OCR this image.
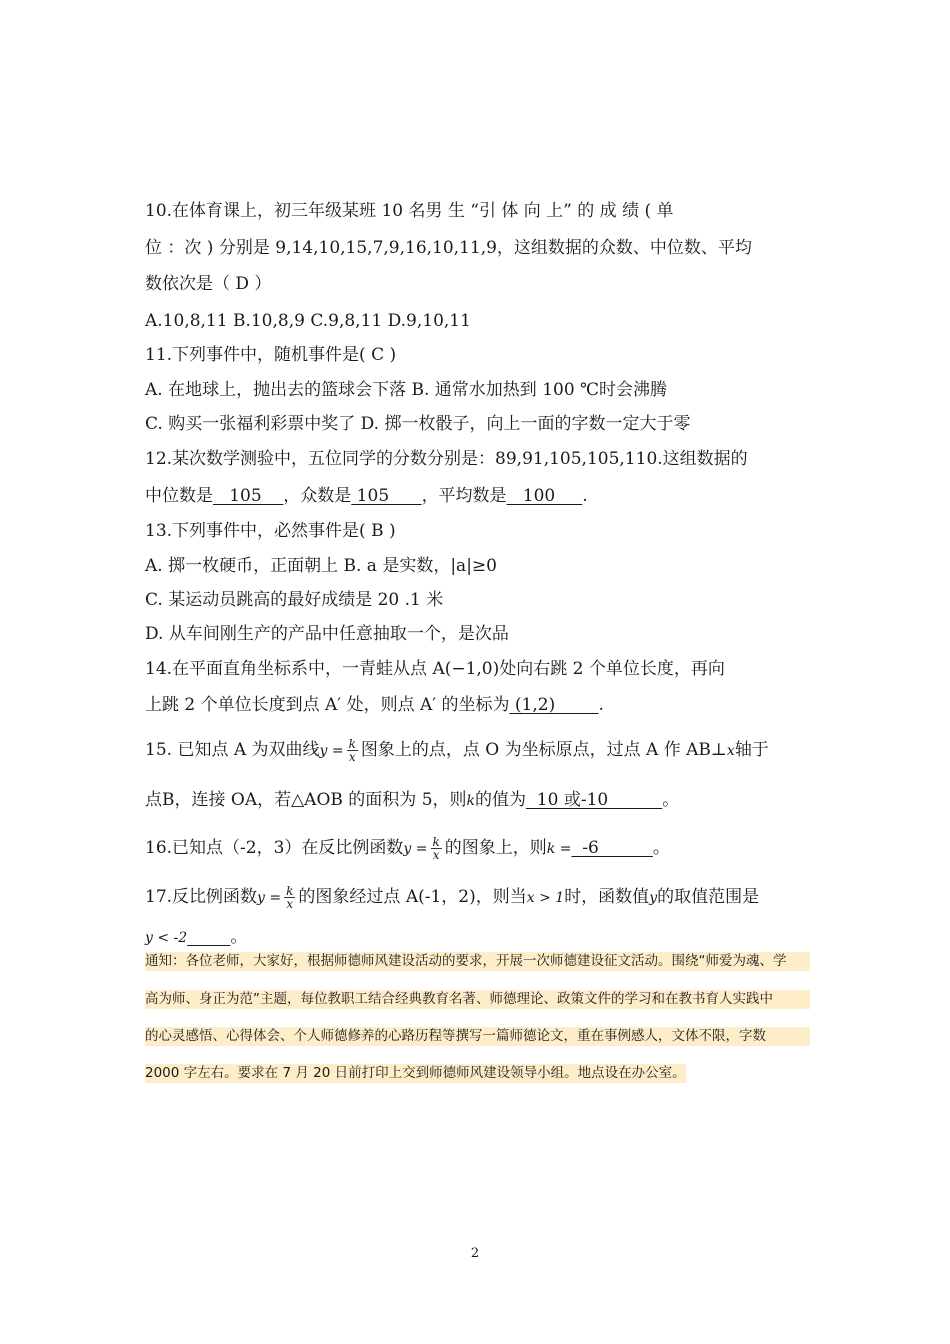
10.在体育课上，初三年级某班 10 名男 生 “引 体 向 上” 的 成 绩 ( 单
位 ：次 ) 分别是 9,14,10,15,7,9,16,10,11,9，这组数据的众数、中位数、平均
数依次是（ D ）
A.10,8,11 B.10,8,9 C.9,8,11 D.9,10,11
11.下列事件中，随机事件是( C )
A. 在地球上，抛出去的篮球会下落 B. 通常水加热到 100 ℃时会沸腾
C. 购买一张福利彩票中奖了 D. 掷一枚骰子，向上一面的字数一定大于零
12.某次数学测验中，五位同学的分数分别是：89,91,105,105,110.这组数据的
中位数是   105    ，众数是 105      ，平均数是   100     .
13.下列事件中，必然事件是( B )
A. 掷一枚硬币，正面朝上 B. a 是实数，|a|≥0
C. 某运动员跳高的最好成绩是 20 .1 米
D. 从车间刚生产的产品中任意抽取一个，是次品
14.在平面直角坐标系中，一青蛙从点 A(−1,0)处向右跳 2 个单位长度，再向
上跳 2 个单位长度到点 A′ 处，则点 A′ 的坐标为 (1,2)        .
15. 已知点 A 为双曲线$y = \frac{k}{x}$ 图象上的点，点 O 为坐标原点，过点 A 作 AB⊥x轴于
点B，连接 OA，若△AOB 的面积为 5，则k的值为  10 或-10          。
16.已知点（-2，3）在反比例函数$y = \frac{k}{x}$ 的图象上，则k =  -6          。
17.反比例函数$y = \frac{k}{x}$ 的图象经过点 A(-1，2)，则当x > 1时，函数值y的取值范围是
y < -2	。
通知：各位老师，大家好，根据师德师风建设活动的要求，开展一次师德建设征文活动。围绕“师爱为魂、学
高为师、身正为范”主题，每位教职工结合经典教育名著、师德理论、政策文件的学习和在教书育人实践中
的心灵感悟、心得体会、个人师德修养的心路历程等撰写一篇师德论文，重在事例感人，文体不限，字数
2000 字左右。要求在 7 月 20 日前打印上交到师德师风建设领导小组。地点设在办公室。
2
